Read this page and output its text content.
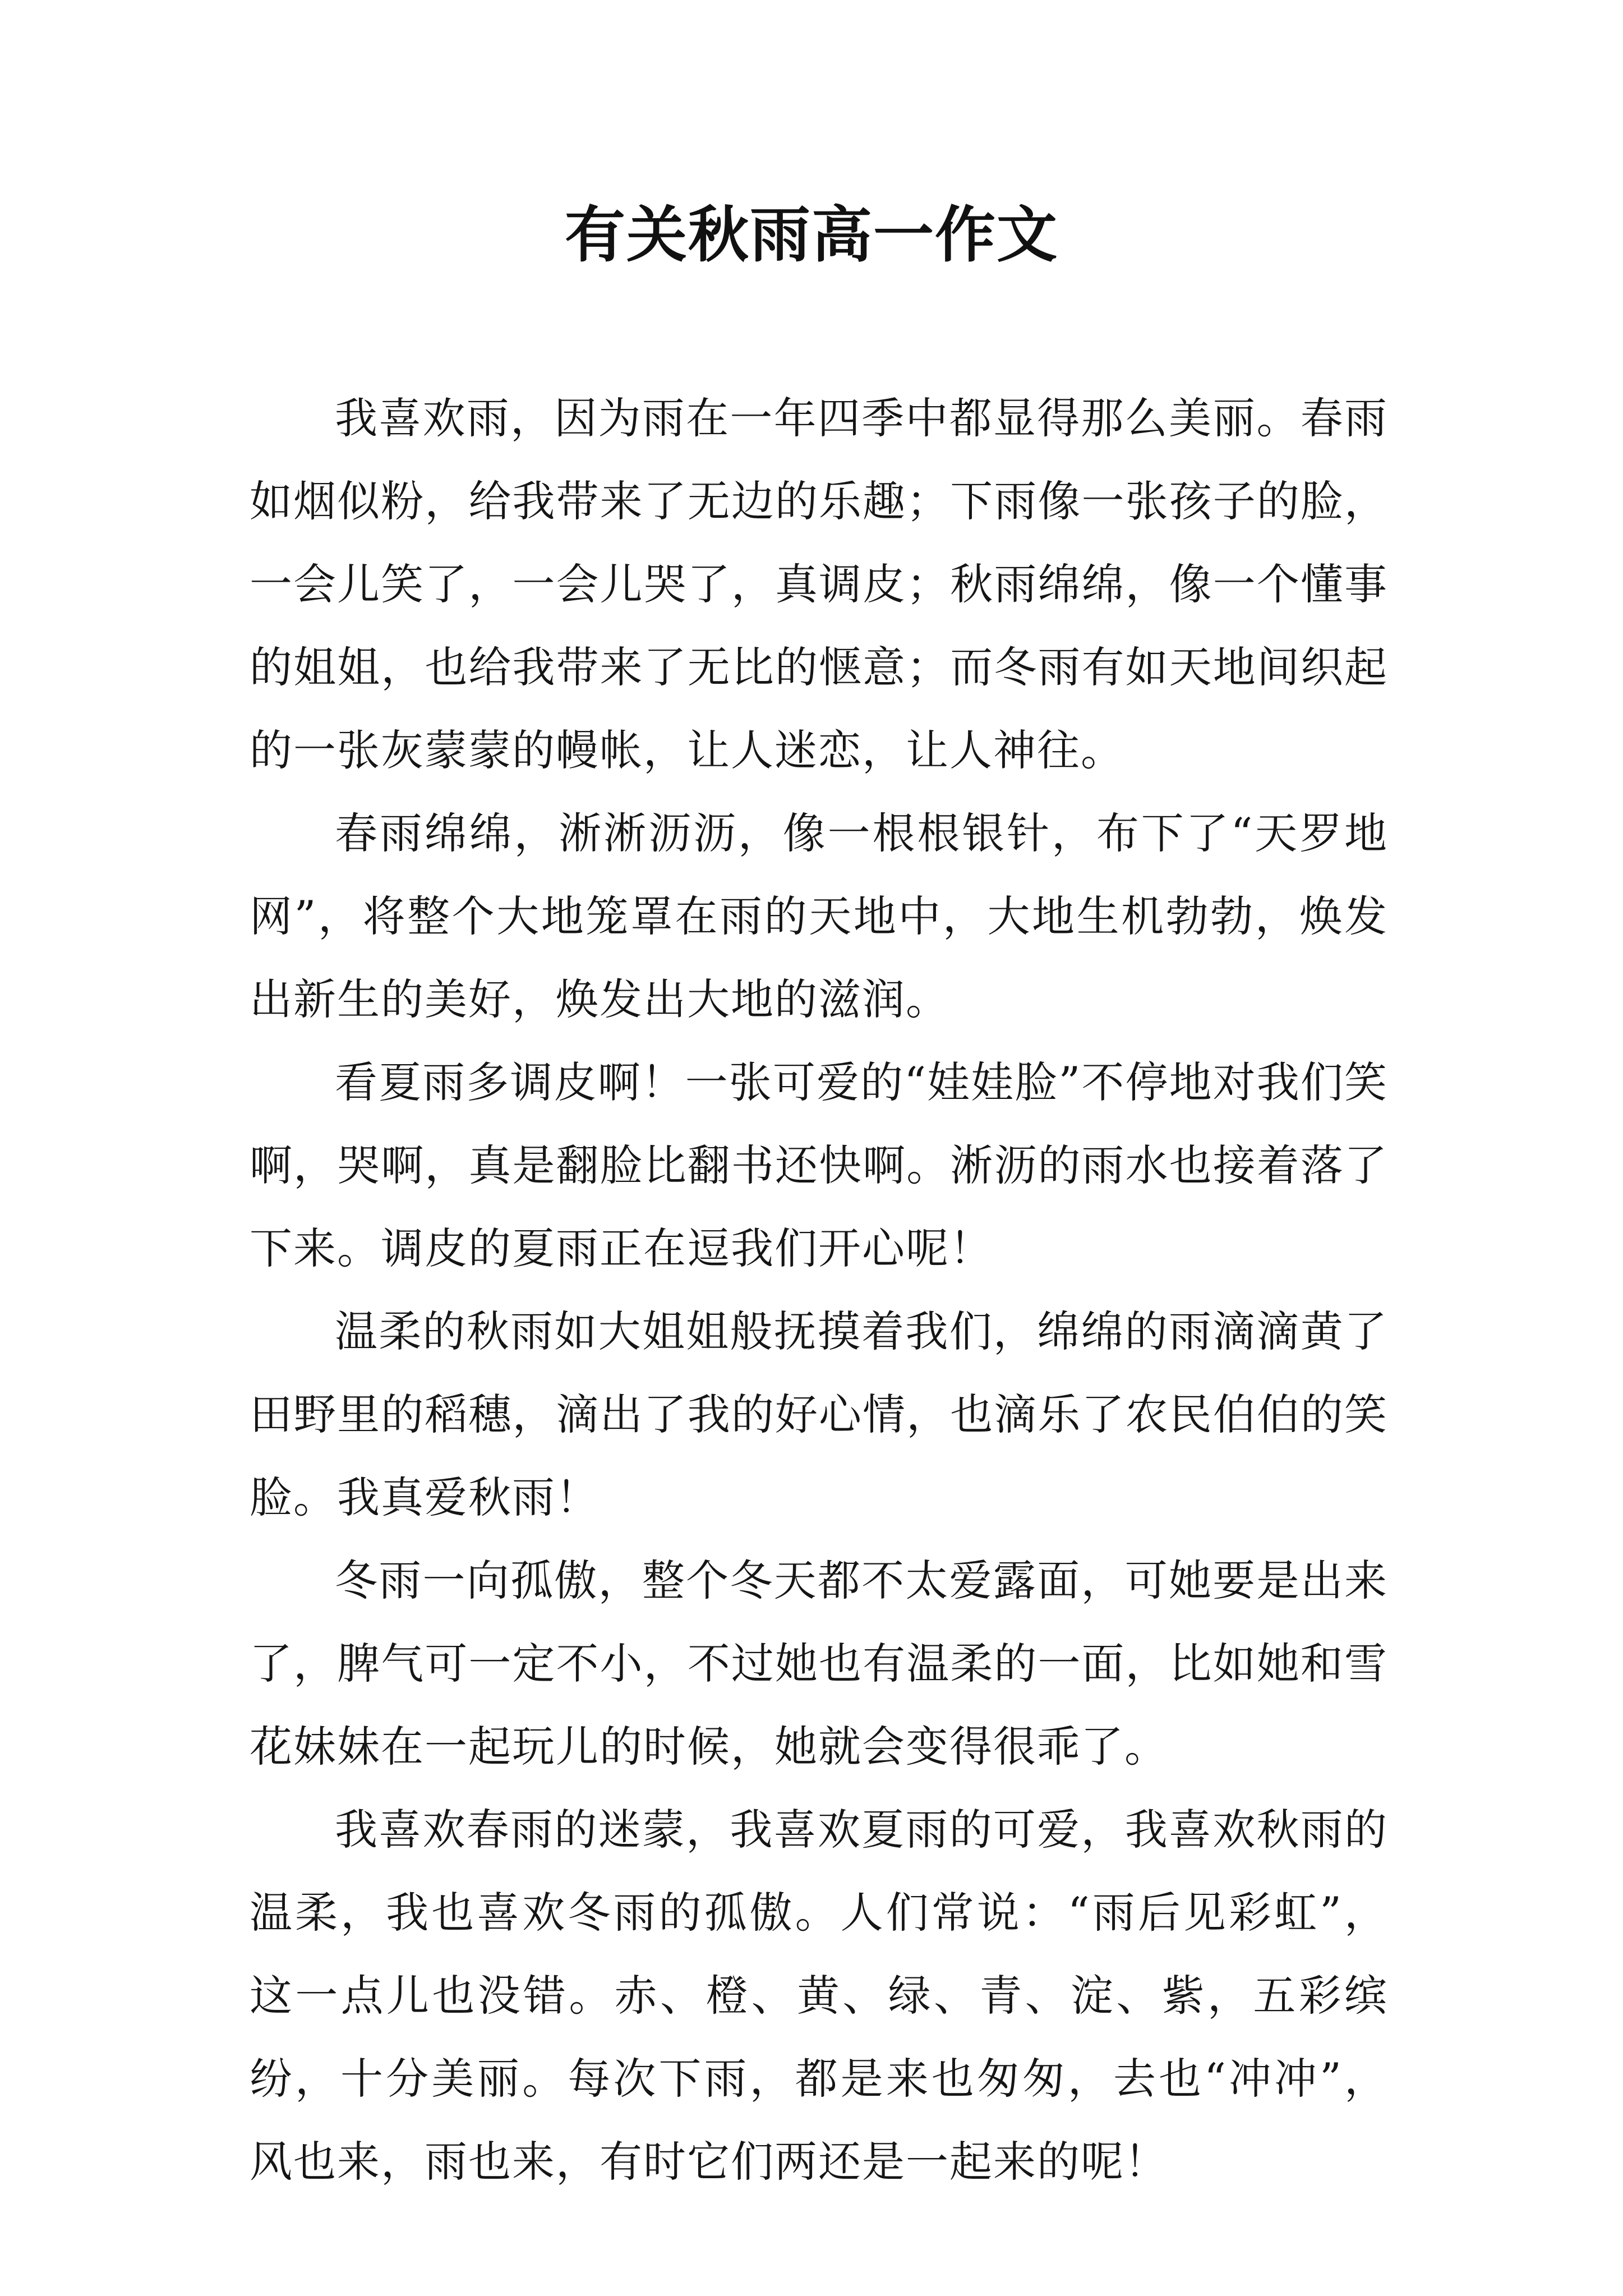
有关秋雨高一作文

我喜欢雨，因为雨在一年四季中都显得那么美丽。春雨如烟似粉，给我带来了无边的乐趣；下雨像一张孩子的脸，一会儿笑了，一会儿哭了，真调皮；秋雨绵绵，像一个懂事的姐姐，也给我带来了无比的惬意；而冬雨有如天地间织起的一张灰蒙蒙的幔帐，让人迷恋，让人神往。

春雨绵绵，淅淅沥沥，像一根根银针，布下了“天罗地网”，将整个大地笼罩在雨的天地中，大地生机勃勃，焕发出新生的美好，焕发出大地的滋润。

看夏雨多调皮啊！一张可爱的“娃娃脸”不停地对我们笑啊，哭啊，真是翻脸比翻书还快啊。淅沥的雨水也接着落了下来。调皮的夏雨正在逗我们开心呢！

温柔的秋雨如大姐姐般抚摸着我们，绵绵的雨滴滴黄了田野里的稻穗，滴出了我的好心情，也滴乐了农民伯伯的笑脸。我真爱秋雨！

冬雨一向孤傲，整个冬天都不太爱露面，可她要是出来了，脾气可一定不小，不过她也有温柔的一面，比如她和雪花妹妹在一起玩儿的时候，她就会变得很乖了。

我喜欢春雨的迷蒙，我喜欢夏雨的可爱，我喜欢秋雨的温柔，我也喜欢冬雨的孤傲。人们常说：“雨后见彩虹”，这一点儿也没错。赤、橙、黄、绿、青、淀、紫，五彩缤纷，十分美丽。每次下雨，都是来也匆匆，去也“冲冲”，风也来，雨也来，有时它们两还是一起来的呢！
